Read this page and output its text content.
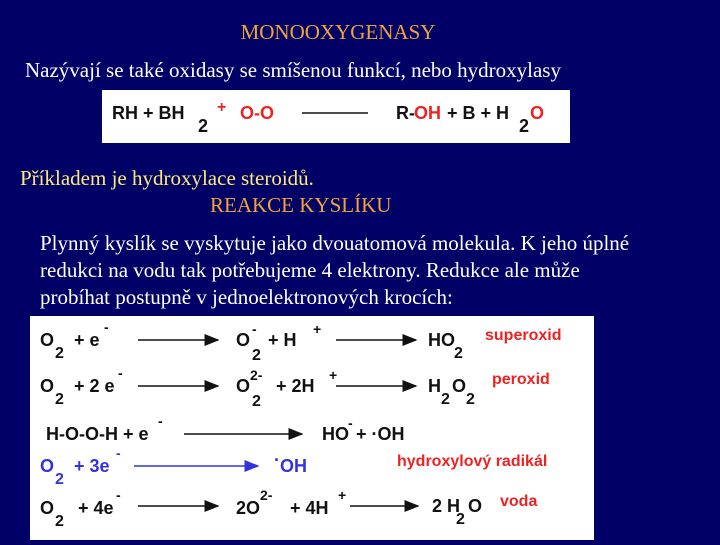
MONOOXYGENASY
Nazývají se také oxidasy se smíšenou funkcí, nebo hydroxylasy
RH + BH
2
+ O-O	R- OH + B + H
2
O
Příkladem je hydroxylace steroidů.
REAKCE KYSLÍKU
Plynný kyslík se vyskytuje jako dvouatomová molekula. K jeho úplné
redukci na vodu tak potřebujeme 4 elektrony. Redukce ale může
probíhat postupně v jednoelektronových krocích:
O
2
+ e
-
O
-
2
+ H
+
HO
2
superoxid
O
2
+ 2 e
-
O
2-
2
+ 2H
+
H
2
O
2
peroxid
H-O-O-H + e
-
HO
-
+ ·OH
O
2
+ 3e
-	· OH	hydroxylový radikál
O
2
+ 4e
-
2O
2-
+ 4H
+
2 H
2
O voda
